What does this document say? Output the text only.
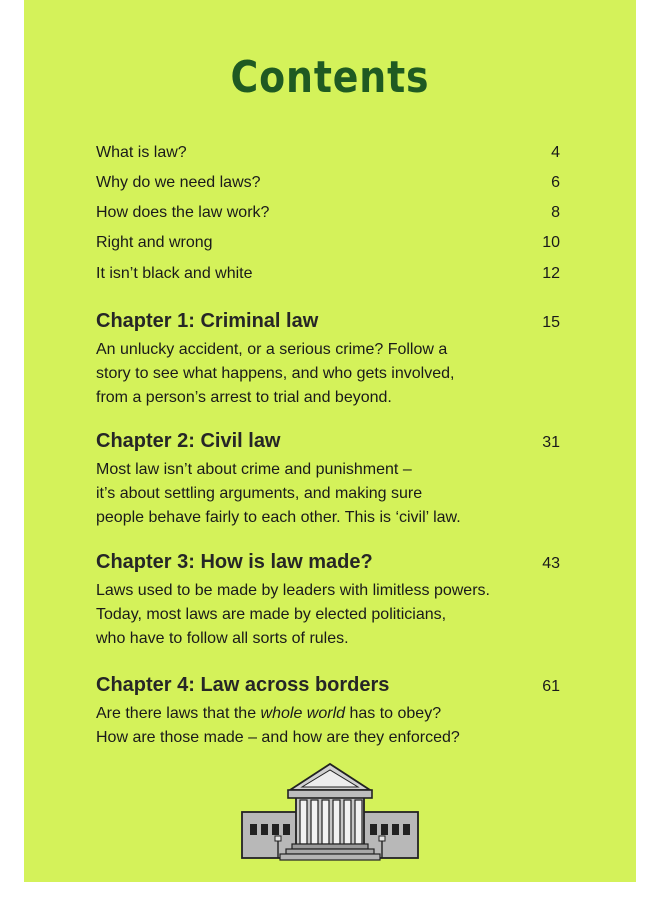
Contents
What is law?	4
Why do we need laws?	6
How does the law work?	8
Right and wrong	10
It isn’t black and white	12
Chapter 1: Criminal law	15

An unlucky accident, or a serious crime? Follow a

story to see what happens, and who gets involved,

from a person’s arrest to trial and beyond.

Chapter 2: Civil law	31

Most law isn’t about crime and punishment –

it’s about settling arguments, and making sure

people behave fairly to each other. This is ‘civil’ law.

Chapter 3: How is law made?	43

Laws used to be made by leaders with limitless powers.

Today, most laws are made by elected politicians,

who have to follow all sorts of rules.

Chapter 4: Law across borders	61

Are there laws that the whole world has to obey?

How are those made – and how are they enforced?
